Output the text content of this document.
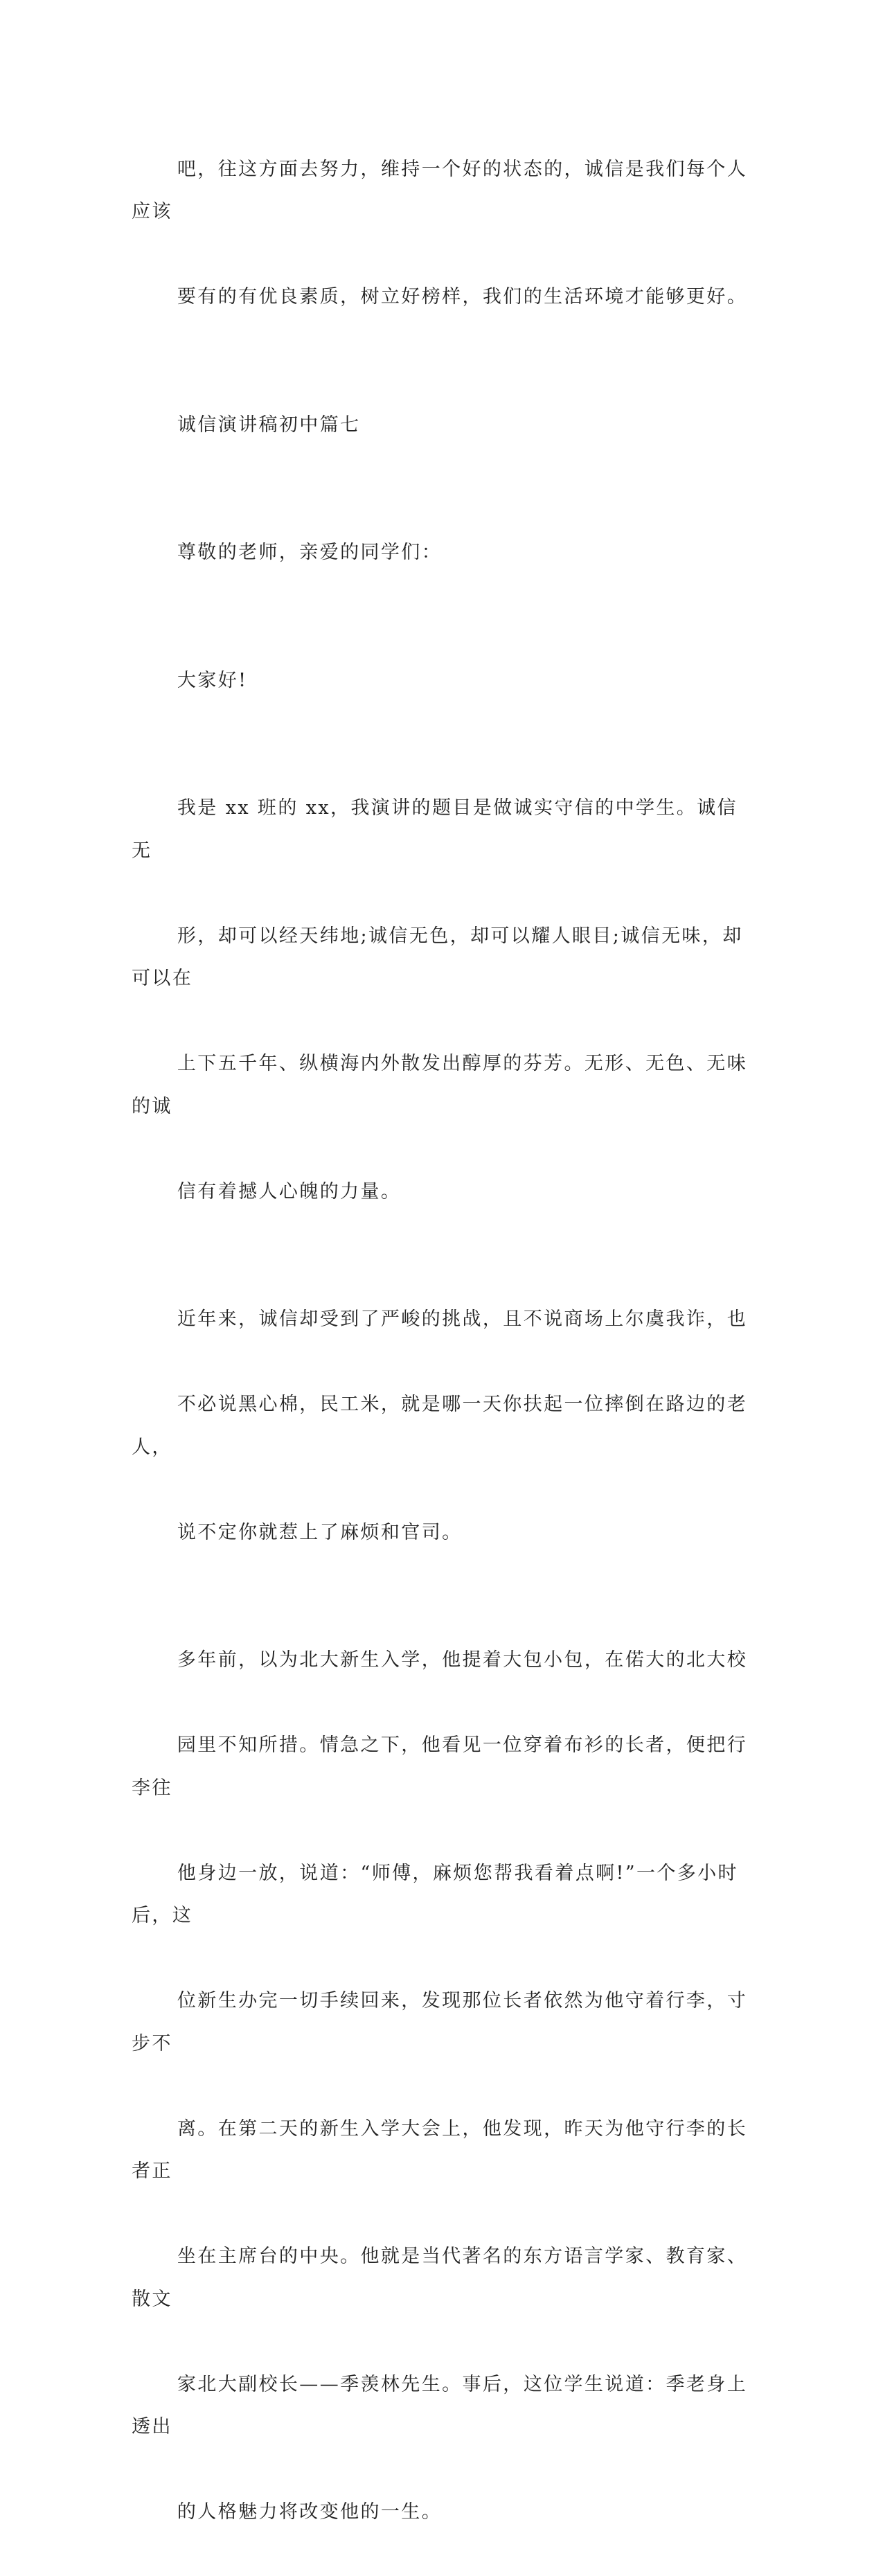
吧，往这方面去努力，维持一个好的状态的，诚信是我们每个人应该

要有的有优良素质，树立好榜样，我们的生活环境才能够更好。

诚信演讲稿初中篇七

尊敬的老师，亲爱的同学们：

大家好!

我是 xx 班的 xx，我演讲的题目是做诚实守信的中学生。诚信无

形，却可以经天纬地;诚信无色，却可以耀人眼目;诚信无味，却可以在

上下五千年、纵横海内外散发出醇厚的芬芳。无形、无色、无味的诚

信有着撼人心魄的力量。

近年来，诚信却受到了严峻的挑战，且不说商场上尔虞我诈，也

不必说黑心棉，民工米，就是哪一天你扶起一位摔倒在路边的老人，

说不定你就惹上了麻烦和官司。

多年前，以为北大新生入学，他提着大包小包，在偌大的北大校

园里不知所措。情急之下，他看见一位穿着布衫的长者，便把行李往

他身边一放，说道：“师傅，麻烦您帮我看着点啊!”一个多小时后，这

位新生办完一切手续回来，发现那位长者依然为他守着行李，寸步不

离。在第二天的新生入学大会上，他发现，昨天为他守行李的长者正

坐在主席台的中央。他就是当代著名的东方语言学家、教育家、散文

家北大副校长——季羡林先生。事后，这位学生说道：季老身上透出

的人格魅力将改变他的一生。
